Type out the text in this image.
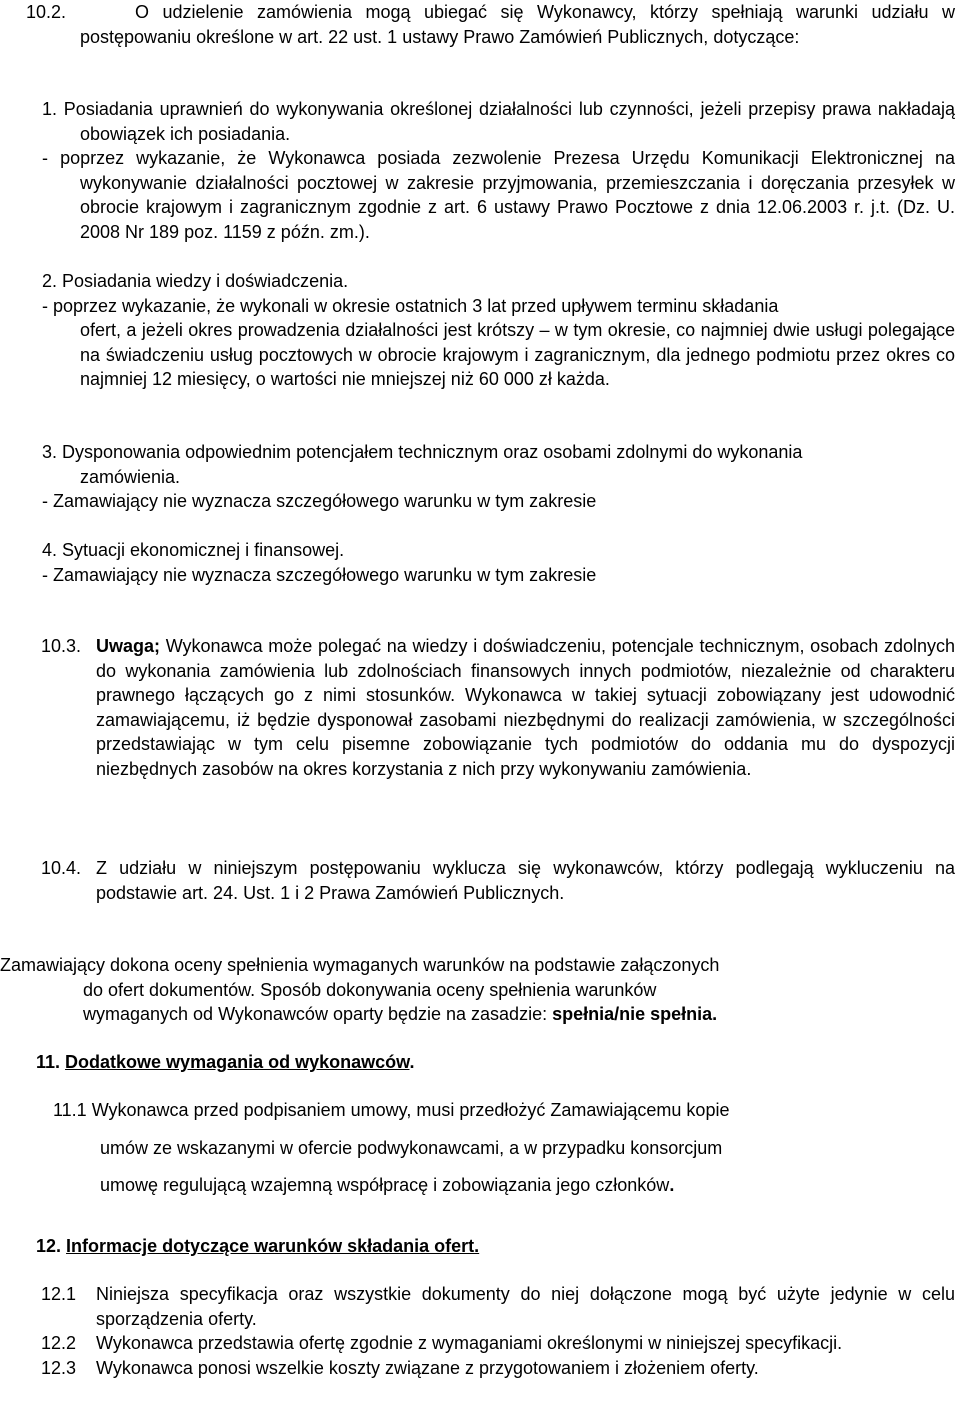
10.2.	O udzielenie zamówienia mogą ubiegać się Wykonawcy, którzy spełniają warunki udziału w postępowaniu określone w art. 22 ust. 1 ustawy Prawo Zamówień Publicznych, dotyczące:
10.3. Uwaga; Wykonawca może polegać na wiedzy i doświadczeniu, potencjale technicznym, osobach zdolnych do wykonania zamówienia lub zdolnościach finansowych innych podmiotów, niezależnie od charakteru prawnego łączących go z nimi stosunków. Wykonawca w takiej sytuacji zobowiązany jest udowodnić zamawiającemu, iż będzie dysponował zasobami niezbędnymi do realizacji zamówienia, w szczególności przedstawiając w tym celu pisemne zobowiązanie tych podmiotów do oddania mu do dyspozycji niezbędnych zasobów na okres korzystania z nich przy wykonywaniu zamówienia.
10.4. Z udziału w niniejszym postępowaniu wyklucza się wykonawców, którzy podlegają wykluczeniu na podstawie art. 24. Ust. 1 i 2 Prawa Zamówień Publicznych.
Zamawiający dokona oceny spełnienia wymaganych warunków na podstawie załączonych
do ofert dokumentów. Sposób dokonywania oceny spełnienia warunków
wymaganych od Wykonawców oparty będzie na zasadzie: spełnia/nie spełnia.
11. Dodatkowe wymagania od wykonawców.
11.1 Wykonawca przed podpisaniem umowy, musi przedłożyć Zamawiającemu kopie
umów ze wskazanymi w ofercie podwykonawcami, a w przypadku konsorcjum
umowę regulującą wzajemną współpracę i zobowiązania jego członków.
12. Informacje dotyczące warunków składania ofert.
12.1 Niniejsza specyfikacja oraz wszystkie dokumenty do niej dołączone mogą być użyte jedynie w celu sporządzenia oferty.
12.2 Wykonawca przedstawia ofertę zgodnie z wymaganiami określonymi w niniejszej specyfikacji.
12.3 Wykonawca ponosi wszelkie koszty związane z przygotowaniem i złożeniem oferty.
1. Posiadania uprawnień do wykonywania określonej działalności lub czynności, jeżeli przepisy prawa nakładają obowiązek ich posiadania.
- poprzez wykazanie, że Wykonawca posiada zezwolenie Prezesa Urzędu Komunikacji Elektronicznej na wykonywanie działalności pocztowej w zakresie przyjmowania, przemieszczania i doręczania przesyłek w obrocie krajowym i zagranicznym zgodnie z art. 6 ustawy Prawo Pocztowe z dnia 12.06.2003 r. j.t. (Dz. U. 2008 Nr 189 poz. 1159 z późn. zm.).
2. Posiadania wiedzy i doświadczenia.
- poprzez wykazanie, że wykonali w okresie ostatnich 3 lat przed upływem terminu składania
ofert, a jeżeli okres prowadzenia działalności jest krótszy – w tym okresie, co najmniej dwie usługi polegające na świadczeniu usług pocztowych w obrocie krajowym i zagranicznym, dla jednego podmiotu przez okres co najmniej 12 miesięcy, o wartości nie mniejszej niż 60 000 zł każda.
3. Dysponowania odpowiednim potencjałem technicznym oraz osobami zdolnymi do wykonania
zamówienia.
- Zamawiający nie wyznacza szczegółowego warunku w tym zakresie
4. Sytuacji ekonomicznej i finansowej.
- Zamawiający nie wyznacza szczegółowego warunku w tym zakresie
